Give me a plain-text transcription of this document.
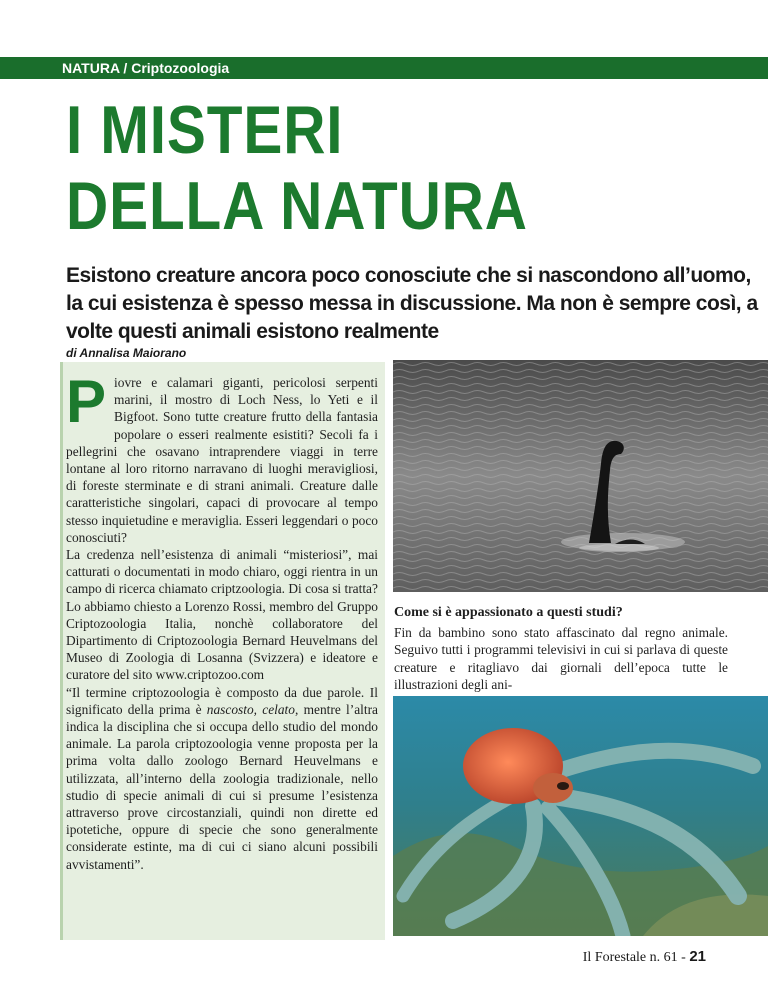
NATURA / Criptozoologia
I MISTERI
DELLA NATURA
Esistono creature ancora poco conosciute che si nascondono all’uomo, la cui esistenza è spesso messa in discussione. Ma non è sempre così, a volte questi animali esistono realmente
di Annalisa Maiorano

Piovre e calamari giganti, pericolosi serpenti marini, il mostro di Loch Ness, lo Yeti e il Bigfoot. Sono tutte creature frutto della fantasia popolare o esseri realmente esistiti? Secoli fa i pellegrini che osavano intraprendere viaggi in terre lontane al loro ritorno narravano di luoghi meravigliosi, di foreste sterminate e di strani animali. Creature dalle caratteristiche singolari, capaci di provocare al tempo stesso inquietudine e meraviglia. Esseri leggendari o poco conosciuti?

La credenza nell’esistenza di animali “misteriosi”, mai catturati o documentati in modo chiaro, oggi rientra in un campo di ricerca chiamato criptzoologia. Di cosa si tratta?

Lo abbiamo chiesto a Lorenzo Rossi, membro del Gruppo Criptozoologia Italia, nonchè collaboratore del Dipartimento di Criptozoologia Bernard Heuvelmans del Museo di Zoologia di Losanna (Svizzera) e ideatore e curatore del sito www.criptozoo.com

“Il termine criptozoologia è composto da due parole. Il significato della prima è nascosto, celato, mentre l’altra indica la disciplina che si occupa dello studio del mondo animale. La parola criptozoologia venne proposta per la prima volta dallo zoologo Bernard Heuvelmans e utilizzata, all’interno della zoologia tradizionale, nello studio di specie animali di cui si presume l’esistenza attraverso prove circostanziali, quindi non dirette ed ipotetiche, oppure di specie che sono generalmente considerate estinte, ma di cui ci siano alcuni possibili avvistamenti”.

Come si è appassionato a questi studi?

Fin da bambino sono stato affascinato dal regno animale. Seguivo tutti i programmi televisivi in cui si parlava di queste creature e ritagliavo dai giornali dell’epoca tutte le illustrazioni degli ani-

Il Forestale n. 61 - 21
